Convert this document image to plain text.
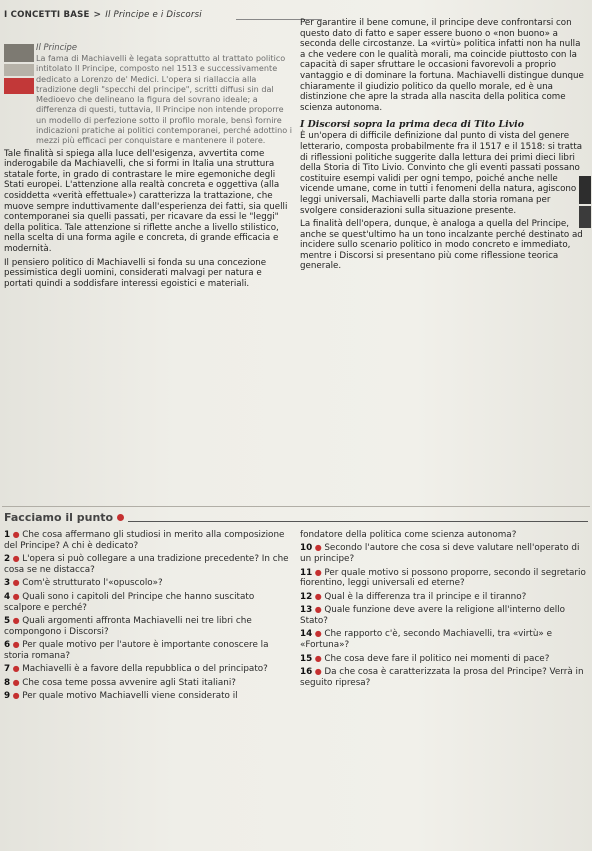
I CONCETTI BASE > Il Principe e i Discorsi
Il Principe
La fama di Machiavelli è legata soprattutto al trattato politico intitolato Il Principe, composto nel 1513 e successivamente dedicato a Lorenzo de' Medici. L'opera si riallaccia alla tradizione degli "specchi del principe", scritti diffusi sin dal Medioevo che delineano la figura del sovrano ideale; a differenza di questi, tuttavia, Il Principe non intende proporre un modello di perfezione sotto il profilo morale, bensì fornire indicazioni pratiche ai politici contemporanei, perché adottino i mezzi più efficaci per conquistare e mantenere il potere.
Tale finalità si spiega alla luce dell'esigenza, avvertita come inderogabile da Machiavelli, che si formi in Italia una struttura statale forte, in grado di contrastare le mire egemoniche degli Stati europei. L'attenzione alla realtà concreta e oggettiva (alla cosiddetta «verità effettuale») caratterizza la trattazione, che muove sempre induttivamente dall'esperienza dei fatti, sia quelli contemporanei sia quelli passati, per ricavare da essi le "leggi" della politica. Tale attenzione si riflette anche a livello stilistico, nella scelta di una forma agile e concreta, di grande efficacia e modernità.
Il pensiero politico di Machiavelli si fonda su una concezione pessimistica degli uomini, considerati malvagi per natura e portati quindi a soddisfare interessi egoistici e materiali.
Per garantire il bene comune, il principe deve confrontarsi con questo dato di fatto e saper essere buono o «non buono» a seconda delle circostanze. La «virtù» politica infatti non ha nulla a che vedere con le qualità morali, ma coincide piuttosto con la capacità di saper sfruttare le occasioni favorevoli a proprio vantaggio e di dominare la fortuna. Machiavelli distingue dunque chiaramente il giudizio politico da quello morale, ed è una distinzione che apre la strada alla nascita della politica come scienza autonoma.
I Discorsi sopra la prima deca di Tito Livio
È un'opera di difficile definizione dal punto di vista del genere letterario, composta probabilmente fra il 1517 e il 1518: si tratta di riflessioni politiche suggerite dalla lettura dei primi dieci libri della Storia di Tito Livio. Convinto che gli eventi passati possano costituire esempi validi per ogni tempo, poiché anche nelle vicende umane, come in tutti i fenomeni della natura, agiscono leggi universali, Machiavelli parte dalla storia romana per svolgere considerazioni sulla situazione presente.
La finalità dell'opera, dunque, è analoga a quella del Principe, anche se quest'ultimo ha un tono incalzante perché destinato ad incidere sullo scenario politico in modo concreto e immediato, mentre i Discorsi si presentano più come riflessione teorica generale.
Facciamo il punto
1 ● Che cosa affermano gli studiosi in merito alla composizione del Principe? A chi è dedicato?
2 ● L'opera si può collegare a una tradizione precedente? In che cosa se ne distacca?
3 ● Com'è strutturato l'«opuscolo»?
4 ● Quali sono i capitoli del Principe che hanno suscitato scalpore e perché?
5 ● Quali argomenti affronta Machiavelli nei tre libri che compongono i Discorsi?
6 ● Per quale motivo per l'autore è importante conoscere la storia romana?
7 ● Machiavelli è a favore della repubblica o del principato?
8 ● Che cosa teme possa avvenire agli Stati italiani?
9 ● Per quale motivo Machiavelli viene considerato il
fondatore della politica come scienza autonoma?
10 ● Secondo l'autore che cosa si deve valutare nell'operato di un principe?
11 ● Per quale motivo si possono proporre, secondo il segretario fiorentino, leggi universali ed eterne?
12 ● Qual è la differenza tra il principe e il tiranno?
13 ● Quale funzione deve avere la religione all'interno dello Stato?
14 ● Che rapporto c'è, secondo Machiavelli, tra «virtù» e «Fortuna»?
15 ● Che cosa deve fare il politico nei momenti di pace?
16 ● Da che cosa è caratterizzata la prosa del Principe? Verrà in seguito ripresa?
